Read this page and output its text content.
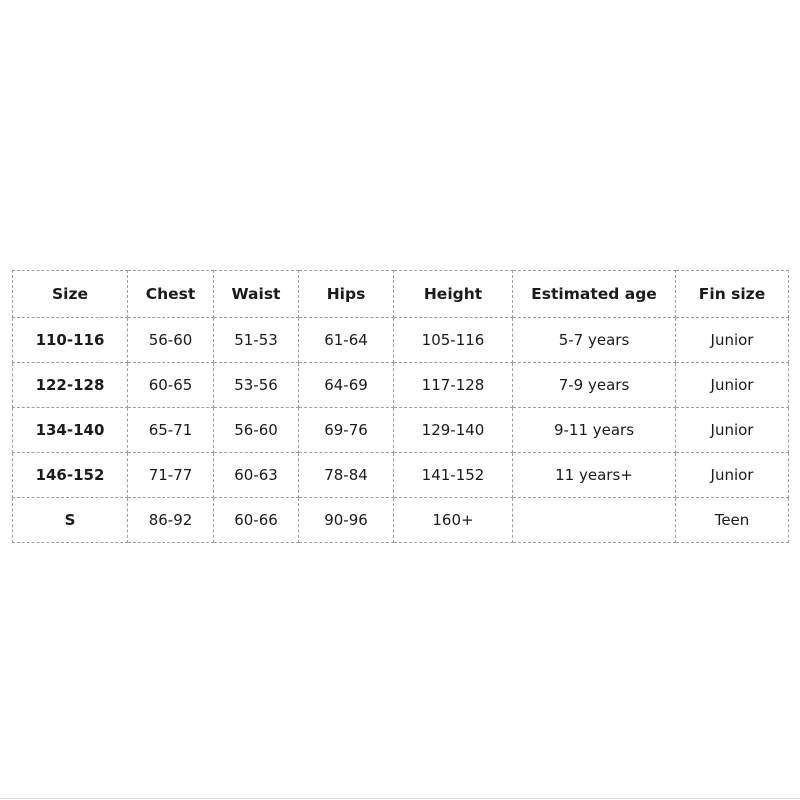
Size	Chest	Waist	Hips	Height	Estimated age	Fin size
110-116	56-60	51-53	61-64	105-116	5-7 years	Junior
122-128	60-65	53-56	64-69	117-128	7-9 years	Junior
134-140	65-71	56-60	69-76	129-140	9-11 years	Junior
146-152	71-77	60-63	78-84	141-152	11 years+	Junior
S	86-92	60-66	90-96	160+		Teen
